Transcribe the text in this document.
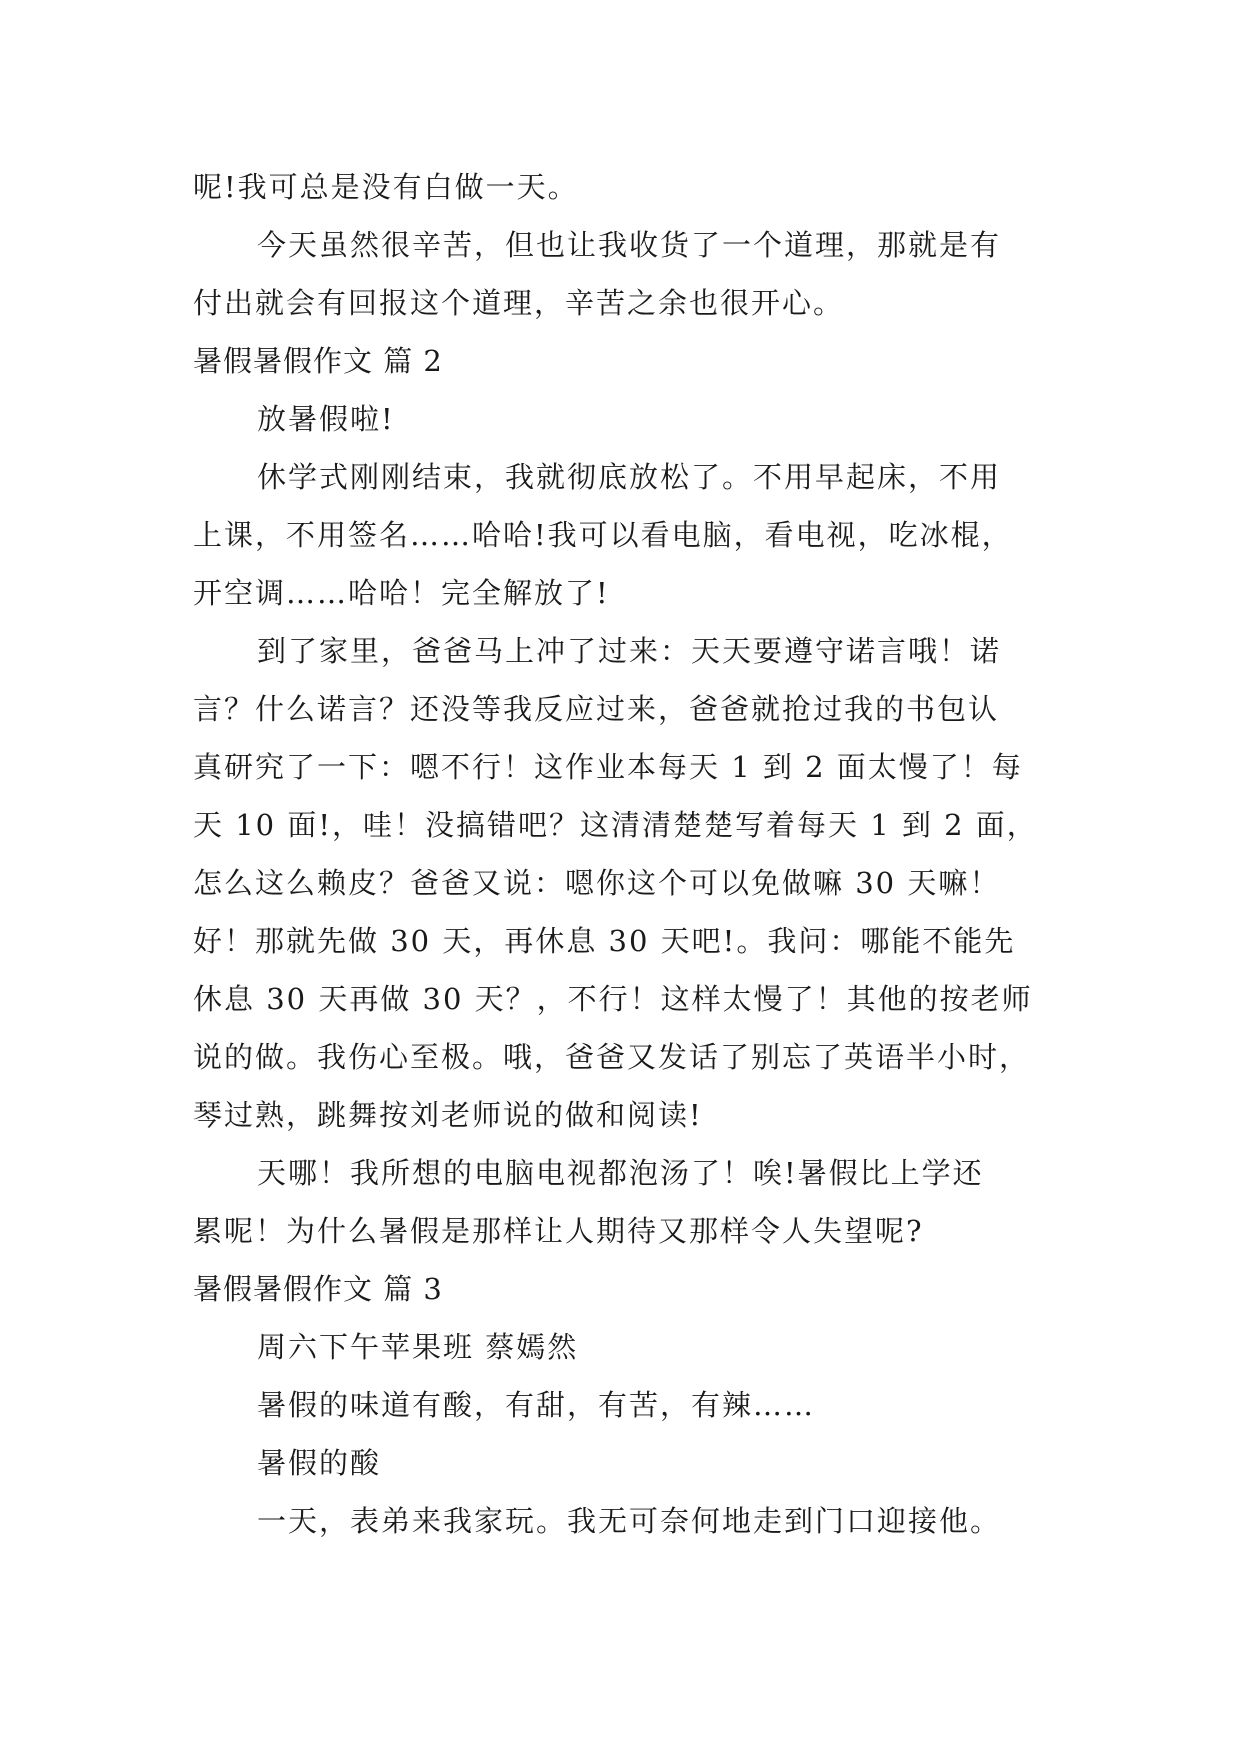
呢!我可总是没有白做一天。
今天虽然很辛苦，但也让我收货了一个道理，那就是有
付出就会有回报这个道理，辛苦之余也很开心。
暑假暑假作文 篇 2
放暑假啦!
休学式刚刚结束，我就彻底放松了。不用早起床，不用
上课，不用签名……哈哈!我可以看电脑，看电视，吃冰棍，
开空调……哈哈！完全解放了!
到了家里，爸爸马上冲了过来：天天要遵守诺言哦！诺
言？什么诺言？还没等我反应过来，爸爸就抢过我的书包认
真研究了一下：嗯不行！这作业本每天 1 到 2 面太慢了！每
天 10 面!，哇！没搞错吧？这清清楚楚写着每天 1 到 2 面，
怎么这么赖皮？爸爸又说：嗯你这个可以免做嘛 30 天嘛！
好！那就先做 30 天，再休息 30 天吧!。我问：哪能不能先
休息 30 天再做 30 天？，不行！这样太慢了！其他的按老师
说的做。我伤心至极。哦，爸爸又发话了别忘了英语半小时，
琴过熟，跳舞按刘老师说的做和阅读!
天哪！我所想的电脑电视都泡汤了！唉!暑假比上学还
累呢！为什么暑假是那样让人期待又那样令人失望呢?
暑假暑假作文 篇 3
周六下午苹果班 蔡嫣然
暑假的味道有酸，有甜，有苦，有辣……
暑假的酸
一天，表弟来我家玩。我无可奈何地走到门口迎接他。
